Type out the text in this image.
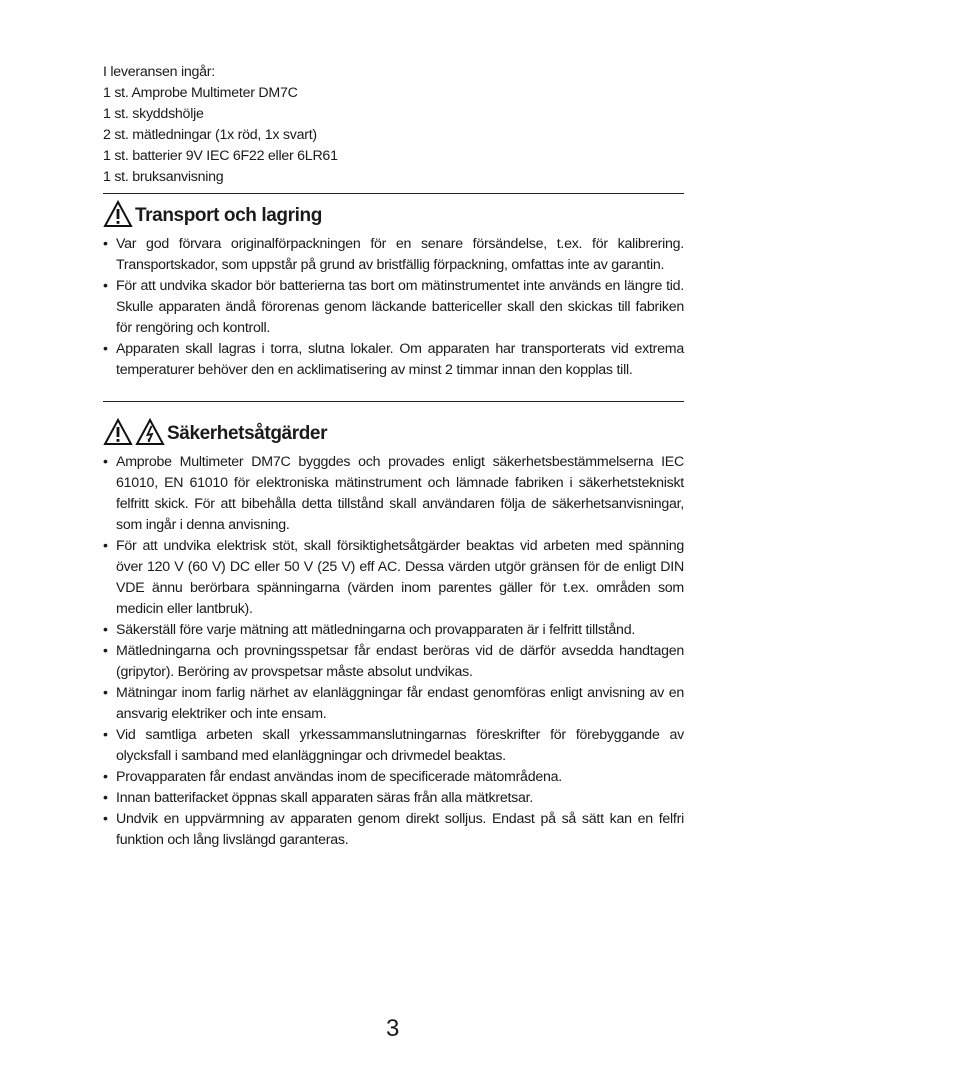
I leveransen ingår:
1 st. Amprobe Multimeter DM7C
1 st. skyddshölje
2 st. mätledningar (1x röd, 1x svart)
1 st. batterier 9V IEC 6F22 eller 6LR61
1 st. bruksanvisning
Transport och lagring
• Var god förvara originalförpackningen för en senare försändelse, t.ex. för kalibrering. Transportskador, som uppstår på grund av bristfällig förpackning, omfattas inte av garantin.
• För att undvika skador bör batterierna tas bort om mätinstrumentet inte används en längre tid. Skulle apparaten ändå förorenas genom läckande battericeller skall den skickas till fabriken för rengöring och kontroll.
• Apparaten skall lagras i torra, slutna lokaler. Om apparaten har transporterats vid extrema temperaturer behöver den en acklimatisering av minst 2 timmar innan den kopplas till.
Säkerhetsåtgärder
• Amprobe Multimeter DM7C byggdes och provades enligt säkerhetsbestämmelserna IEC 61010, EN 61010 för elektroniska mätinstrument och lämnade fabriken i säkerhetstekniskt felfritt skick. För att bibehålla detta tillstånd skall användaren följa de säkerhetsanvisningar, som ingår i denna anvisning.
• För att undvika elektrisk stöt, skall försiktighetsåtgärder beaktas vid arbeten med spänning över 120 V (60 V) DC eller 50 V (25 V) eff AC. Dessa värden utgör gränsen för de enligt DIN VDE ännu berörbara spänningarna (värden inom parentes gäller för t.ex. områden som medicin eller lantbruk).
• Säkerställ före varje mätning att mätledningarna och provapparaten är i felfritt tillstånd.
• Mätledningarna och provningsspetsar får endast beröras vid de därför avsedda handtagen (gripytor). Beröring av provspetsar måste absolut undvikas.
• Mätningar inom farlig närhet av elanläggningar får endast genomföras enligt anvisning av en ansvarig elektriker och inte ensam.
• Vid samtliga arbeten skall yrkessammanslutningarnas föreskrifter för förebyggande av olycksfall i samband med elanläggningar och drivmedel beaktas.
• Provapparaten får endast användas inom de specificerade mätområdena.
• Innan batterifacket öppnas skall apparaten säras från alla mätkretsar.
• Undvik en uppvärmning av apparaten genom direkt solljus. Endast på så sätt kan en felfri funktion och lång livslängd garanteras.
3
